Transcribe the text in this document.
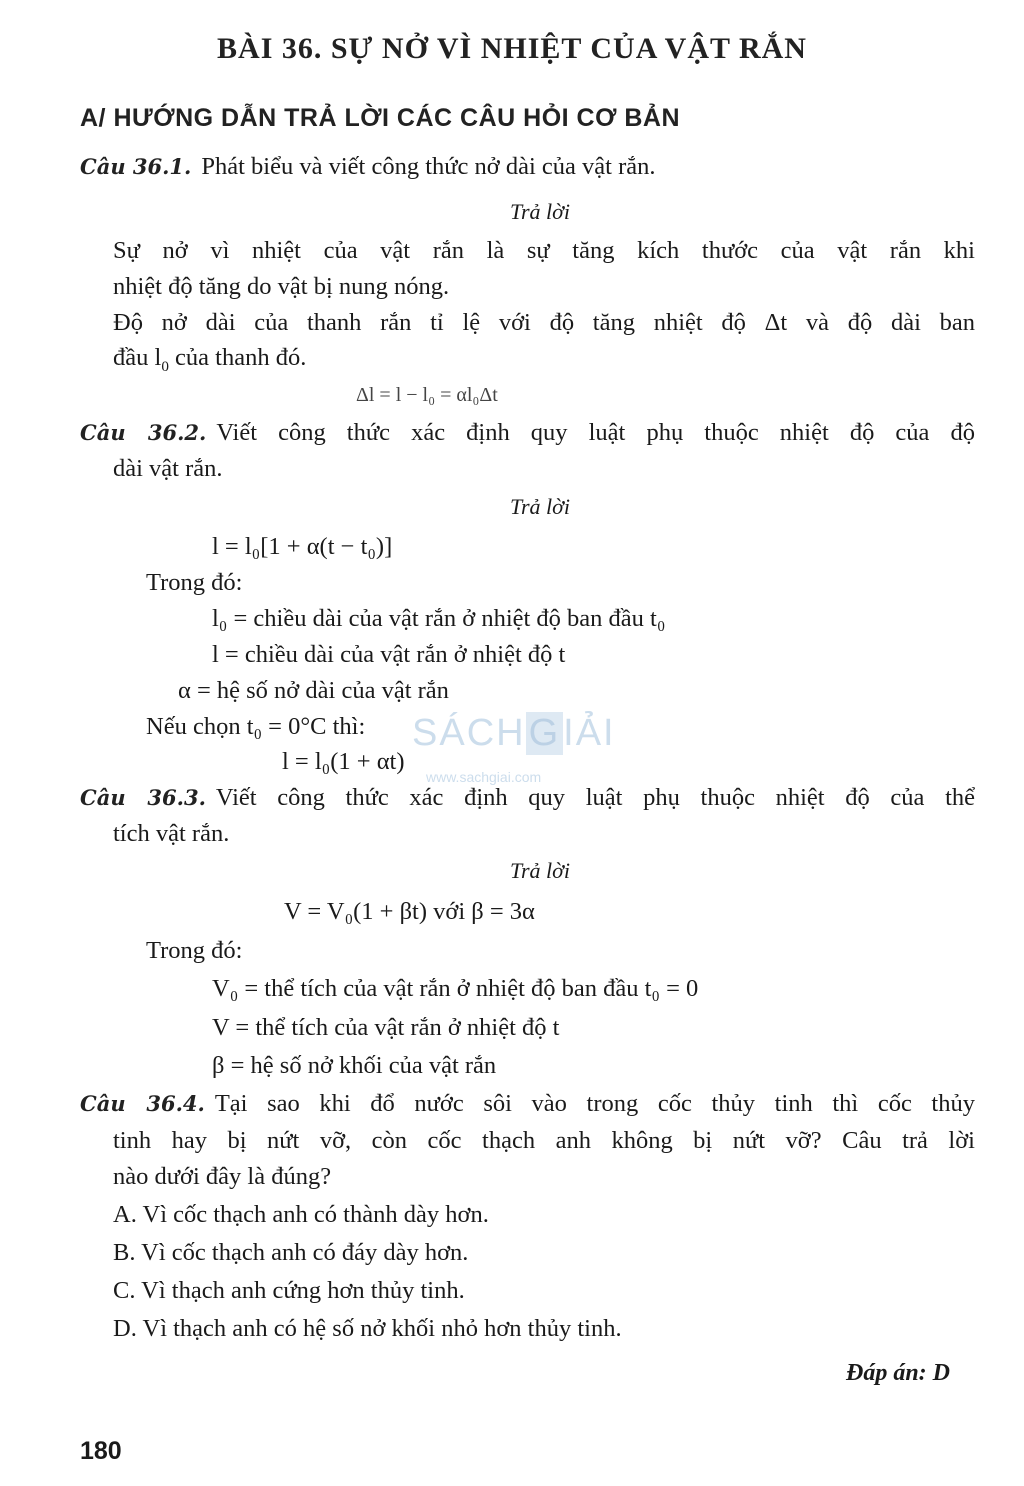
BÀI 36. SỰ NỞ VÌ NHIỆT CỦA VẬT RẮN
A/ HƯỚNG DẪN TRẢ LỜI CÁC CÂU HỎI CƠ BẢN
Câu 36.1. Phát biểu và viết công thức nở dài của vật rắn.
Trả lời
Sự nở vì nhiệt của vật rắn là sự tăng kích thước của vật rắn khi
nhiệt độ tăng do vật bị nung nóng.
Độ nở dài của thanh rắn tỉ lệ với độ tăng nhiệt độ Δt và độ dài ban
đầu $l_0$ của thanh đó.
Δl = l − l₀ = αl₀Δt
Câu 36.2. Viết công thức xác định quy luật phụ thuộc nhiệt độ của độ
dài vật rắn.
Trả lời
l = l₀[1 + α(t − t₀)]
Trong đó:
l₀ = chiều dài của vật rắn ở nhiệt độ ban đầu t₀
l = chiều dài của vật rắn ở nhiệt độ t
α = hệ số nở dài của vật rắn
Nếu chọn t₀ = 0°C thì:
l = l₀(1 + αt)
SÁCHGIẢI
www.sachgiai.com
Câu 36.3. Viết công thức xác định quy luật phụ thuộc nhiệt độ của thể
tích vật rắn.
Trả lời
V = V₀(1 + βt) với β = 3α
Trong đó:
V₀ = thể tích của vật rắn ở nhiệt độ ban đầu t₀ = 0
V = thể tích của vật rắn ở nhiệt độ t
β = hệ số nở khối của vật rắn
Câu 36.4. Tại sao khi đổ nước sôi vào trong cốc thủy tinh thì cốc thủy
tinh hay bị nứt vỡ, còn cốc thạch anh không bị nứt vỡ? Câu trả lời
nào dưới đây là đúng?
A. Vì cốc thạch anh có thành dày hơn.
B. Vì cốc thạch anh có đáy dày hơn.
C. Vì thạch anh cứng hơn thủy tinh.
D. Vì thạch anh có hệ số nở khối nhỏ hơn thủy tinh.
Đáp án: D
180
